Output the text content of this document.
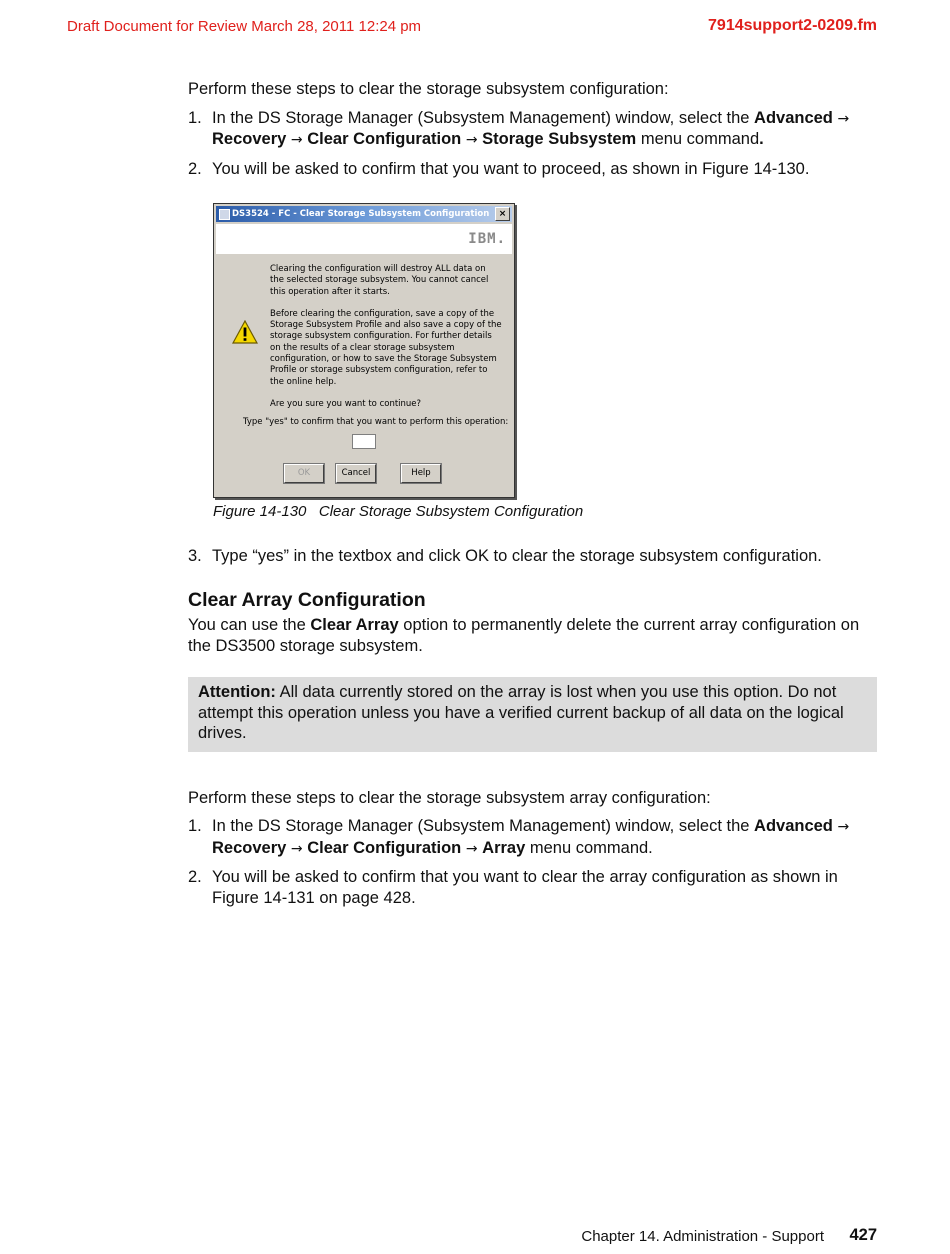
Draft Document for Review March 28, 2011 12:24 pm	7914support2-0209.fm

Perform these steps to clear the storage subsystem configuration:

1. In the DS Storage Manager (Subsystem Management) window, select the Advanced → Recovery → Clear Configuration → Storage Subsystem menu command.
2. You will be asked to confirm that you want to proceed, as shown in Figure 14-130.
DS3524 - FC - Clear Storage Subsystem Configuration	×
IBM.

Clearing the configuration will destroy ALL data on the selected storage subsystem. You cannot cancel this operation after it starts.

Before clearing the configuration, save a copy of the Storage Subsystem Profile and also save a copy of the storage subsystem configuration. For further details on the results of a clear storage subsystem configuration, or how to save the Storage Subsystem Profile or storage subsystem configuration, refer to the online help.

Are you sure you want to continue?

Type "yes" to confirm that you want to perform this operation:
OK	Cancel	Help
Figure 14-130   Clear Storage Subsystem Configuration
3. Type “yes” in the textbox and click OK to clear the storage subsystem configuration.
Clear Array Configuration
You can use the Clear Array option to permanently delete the current array configuration on the DS3500 storage subsystem.
Attention: All data currently stored on the array is lost when you use this option. Do not attempt this operation unless you have a verified current backup of all data on the logical drives.

Perform these steps to clear the storage subsystem array configuration:

1. In the DS Storage Manager (Subsystem Management) window, select the Advanced → Recovery → Clear Configuration → Array menu command.
2. You will be asked to confirm that you want to clear the array configuration as shown in Figure 14-131 on page 428.
Chapter 14. Administration - Support 427
